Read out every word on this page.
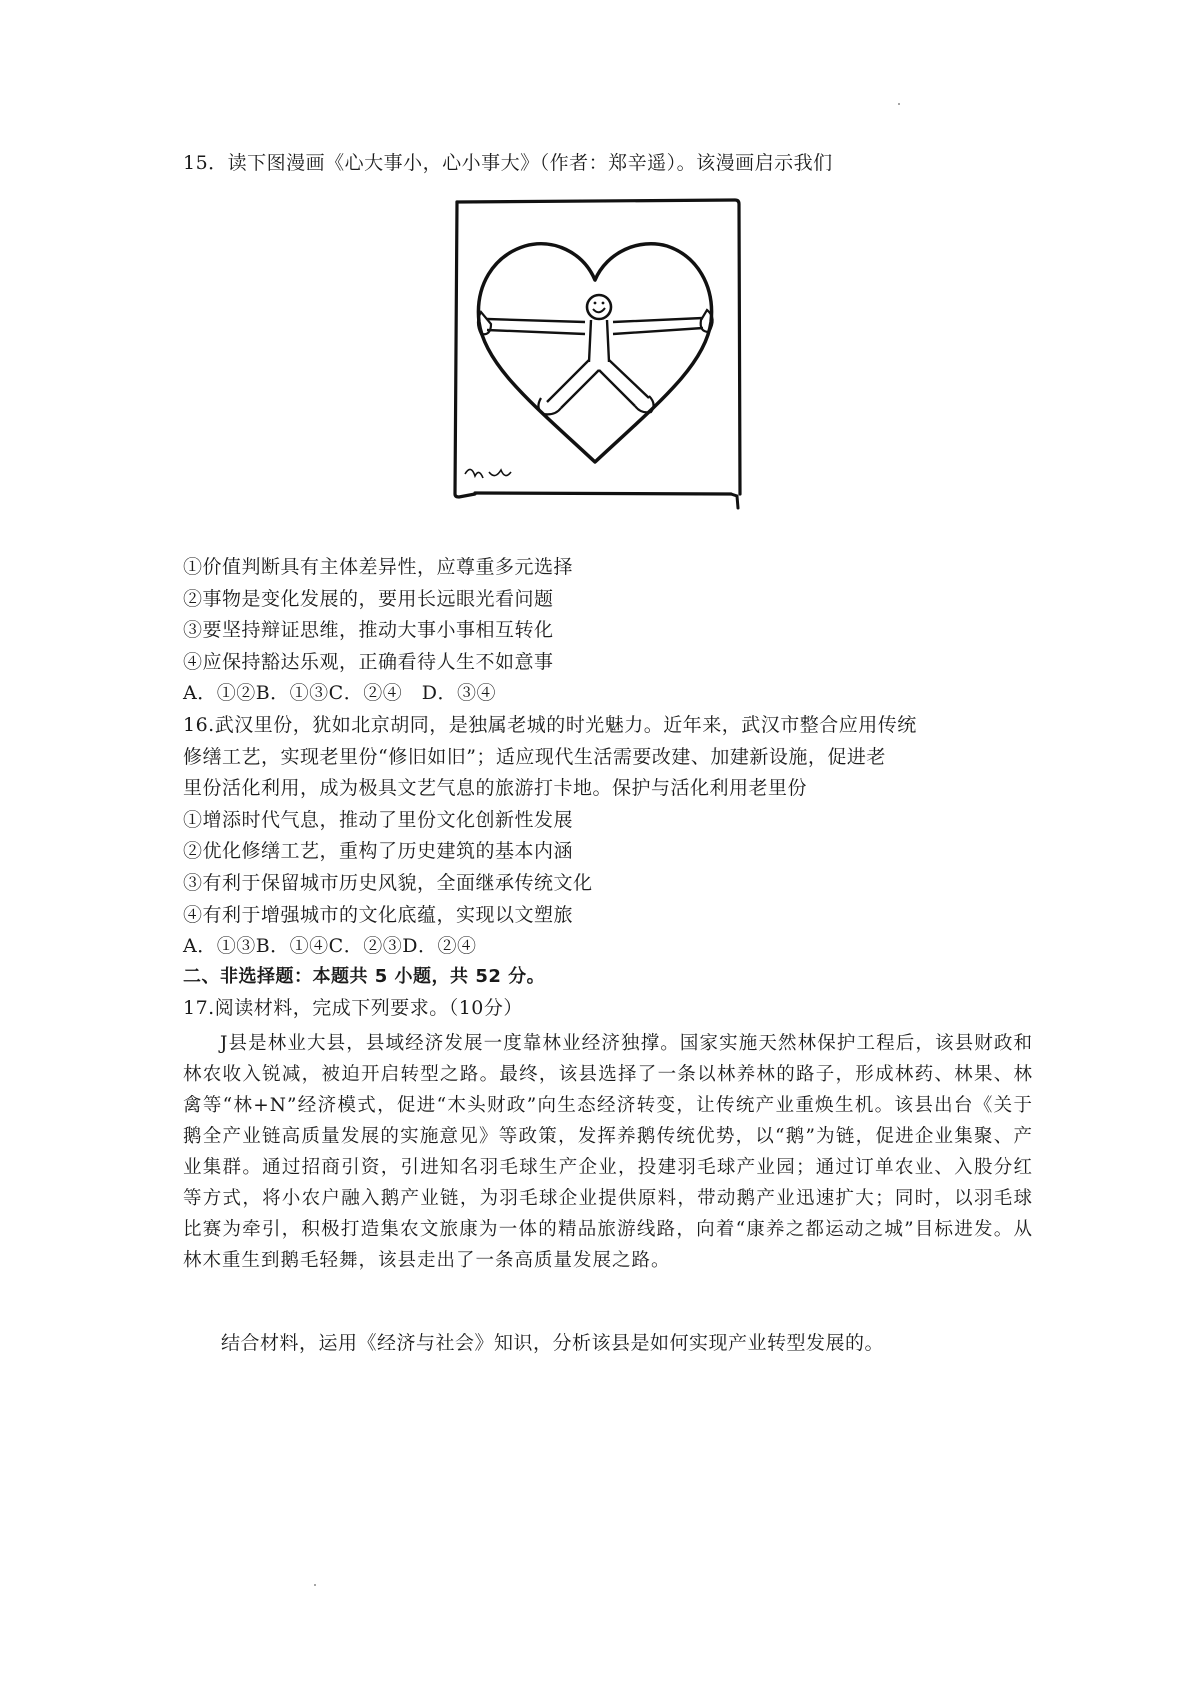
15．读下图漫画《心大事小，心小事大》（作者：郑辛遥）。该漫画启示我们
①价值判断具有主体差异性，应尊重多元选择
②事物是变化发展的，要用长远眼光看问题
③要坚持辩证思维，推动大事小事相互转化
④应保持豁达乐观，正确看待人生不如意事
A．①②B．①③C．②④　D．③④
16.武汉里份，犹如北京胡同，是独属老城的时光魅力。近年来，武汉市整合应用传统
修缮工艺，实现老里份“修旧如旧”；适应现代生活需要改建、加建新设施，促进老
里份活化利用，成为极具文艺气息的旅游打卡地。保护与活化利用老里份
①增添时代气息，推动了里份文化创新性发展
②优化修缮工艺，重构了历史建筑的基本内涵
③有利于保留城市历史风貌，全面继承传统文化
④有利于增强城市的文化底蕴，实现以文塑旅
A．①③B．①④C．②③D．②④
二、非选择题：本题共 5 小题，共 52 分。
17.阅读材料，完成下列要求。（10分）

J县是林业大县，县域经济发展一度靠林业经济独撑。国家实施天然林保护工程后，该县财政和林农收入锐减，被迫开启转型之路。最终，该县选择了一条以林养林的路子，形成林药、林果、林禽等“林+N”经济模式，促进“木头财政”向生态经济转变，让传统产业重焕生机。该县出台《关于鹅全产业链高质量发展的实施意见》等政策，发挥养鹅传统优势，以“鹅”为链，促进企业集聚、产业集群。通过招商引资，引进知名羽毛球生产企业，投建羽毛球产业园；通过订单农业、入股分红等方式，将小农户融入鹅产业链，为羽毛球企业提供原料，带动鹅产业迅速扩大；同时，以羽毛球比赛为牵引，积极打造集农文旅康为一体的精品旅游线路，向着“康养之都运动之城”目标进发。从林木重生到鹅毛轻舞，该县走出了一条高质量发展之路。

结合材料，运用《经济与社会》知识，分析该县是如何实现产业转型发展的。
